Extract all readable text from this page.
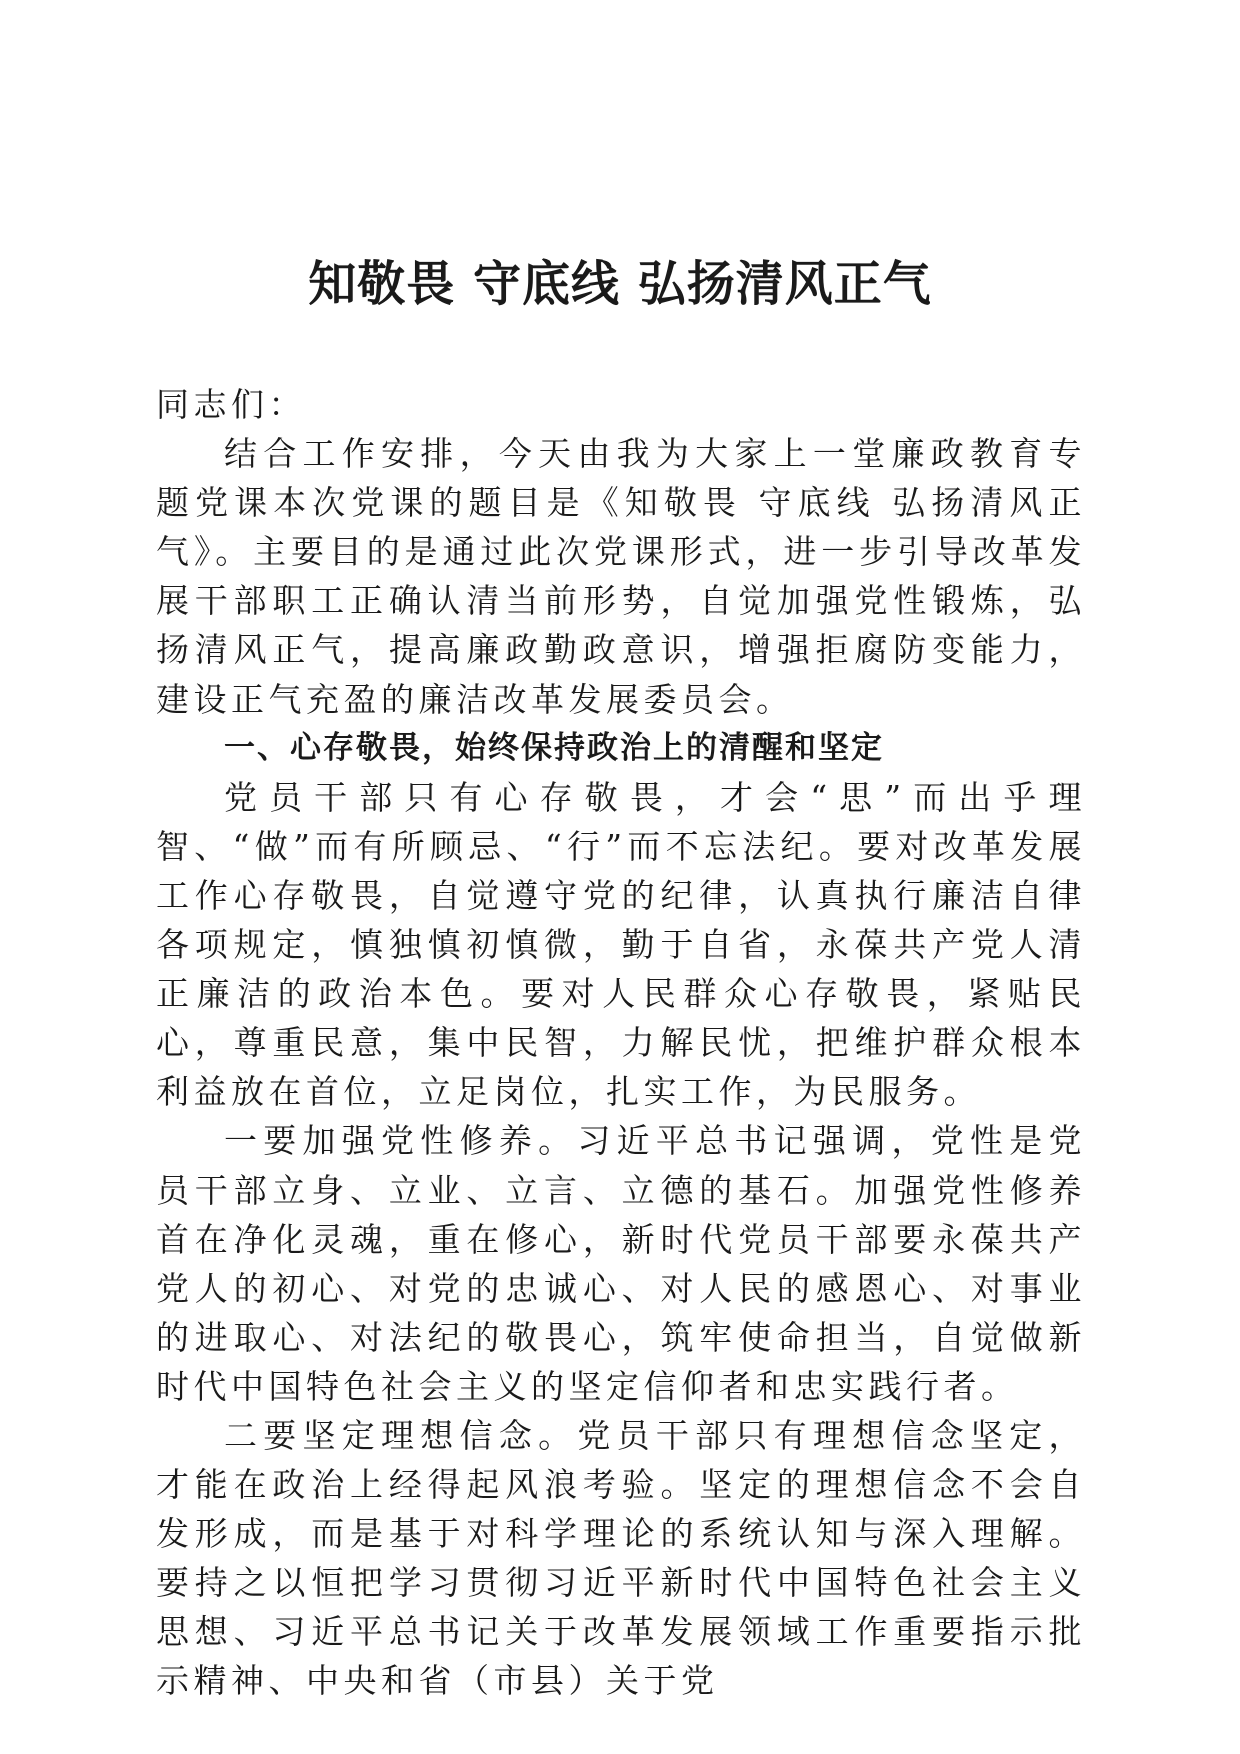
知敬畏 守底线 弘扬清风正气

同志们：

结合工作安排，今天由我为大家上一堂廉政教育专题党课本次党课的题目是《知敬畏 守底线 弘扬清风正气》。主要目的是通过此次党课形式，进一步引导改革发展干部职工正确认清当前形势，自觉加强党性锻炼，弘扬清风正气，提高廉政勤政意识，增强拒腐防变能力，建设正气充盈的廉洁改革发展委员会。

一、心存敬畏，始终保持政治上的清醒和坚定

党员干部只有心存敬畏，才会“思”而出乎理智、“做”而有所顾忌、“行”而不忘法纪。要对改革发展工作心存敬畏，自觉遵守党的纪律，认真执行廉洁自律各项规定，慎独慎初慎微，勤于自省，永葆共产党人清正廉洁的政治本色。要对人民群众心存敬畏，紧贴民心，尊重民意，集中民智，力解民忧，把维护群众根本利益放在首位，立足岗位，扎实工作，为民服务。

一要加强党性修养。习近平总书记强调，党性是党员干部立身、立业、立言、立德的基石。加强党性修养首在净化灵魂，重在修心，新时代党员干部要永葆共产党人的初心、对党的忠诚心、对人民的感恩心、对事业的进取心、对法纪的敬畏心，筑牢使命担当，自觉做新时代中国特色社会主义的坚定信仰者和忠实践行者。

二要坚定理想信念。党员干部只有理想信念坚定，才能在政治上经得起风浪考验。坚定的理想信念不会自发形成，而是基于对科学理论的系统认知与深入理解。要持之以恒把学习贯彻习近平新时代中国特色社会主义思想、习近平总书记关于改革发展领域工作重要指示批示精神、中央和省（市县）关于党
